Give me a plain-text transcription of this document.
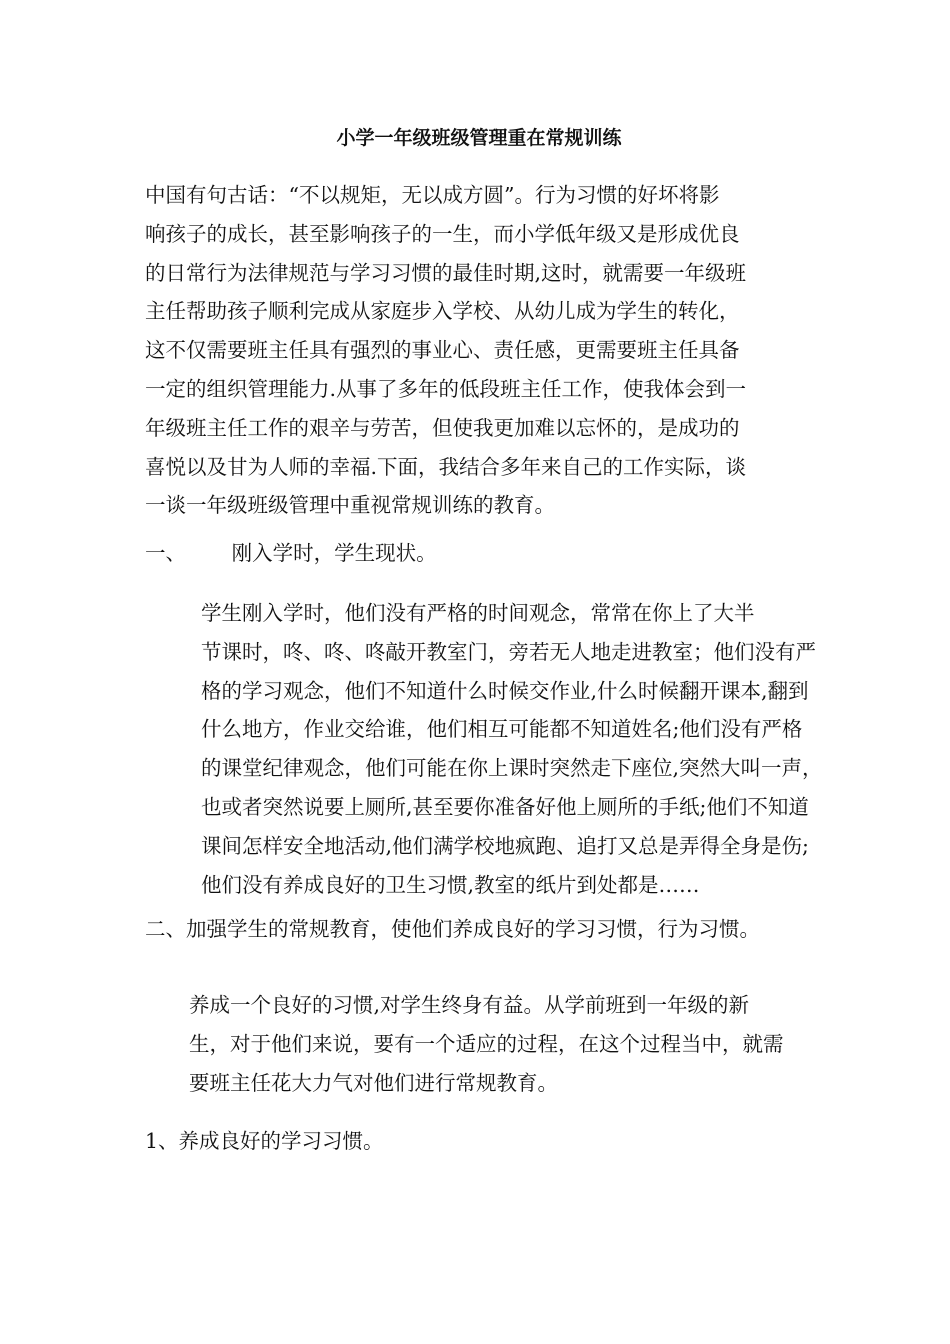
小学一年级班级管理重在常规训练

中国有句古话：“不以规矩，无以成方圆”。行为习惯的好坏将影
响孩子的成长，甚至影响孩子的一生，而小学低年级又是形成优良
的日常行为法律规范与学习习惯的最佳时期,这时，就需要一年级班
主任帮助孩子顺利完成从家庭步入学校、从幼儿成为学生的转化，
这不仅需要班主任具有强烈的事业心、责任感，更需要班主任具备
一定的组织管理能力.从事了多年的低段班主任工作，使我体会到一
年级班主任工作的艰辛与劳苦，但使我更加难以忘怀的，是成功的
喜悦以及甘为人师的幸福.下面，我结合多年来自己的工作实际，谈
一谈一年级班级管理中重视常规训练的教育。

一、       刚入学时，学生现状。

学生刚入学时，他们没有严格的时间观念，常常在你上了大半
节课时，咚、咚、咚敲开教室门，旁若无人地走进教室；他们没有严
格的学习观念，他们不知道什么时候交作业,什么时候翻开课本,翻到
什么地方，作业交给谁，他们相互可能都不知道姓名;他们没有严格
的课堂纪律观念，他们可能在你上课时突然走下座位,突然大叫一声，
也或者突然说要上厕所,甚至要你准备好他上厕所的手纸;他们不知道
课间怎样安全地活动,他们满学校地疯跑、追打又总是弄得全身是伤;
他们没有养成良好的卫生习惯,教室的纸片到处都是……

二、加强学生的常规教育，使他们养成良好的学习习惯，行为习惯。

养成一个良好的习惯,对学生终身有益。从学前班到一年级的新
生，对于他们来说，要有一个适应的过程，在这个过程当中，就需
要班主任花大力气对他们进行常规教育。

1、养成良好的学习习惯。
